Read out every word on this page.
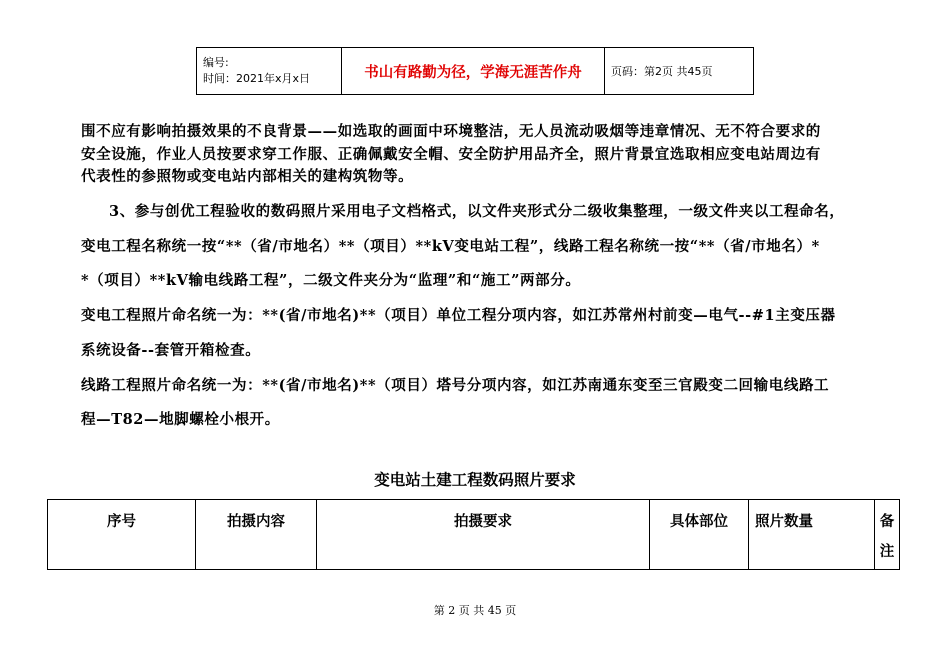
编号:
时间：2021年x月x日	书山有路勤为径，学海无涯苦作舟	页码：第2页 共45页
围不应有影响拍摄效果的不良背景——如选取的画面中环境整洁，无人员流动吸烟等违章情况、无不符合要求的
安全设施，作业人员按要求穿工作服、正确佩戴安全帽、安全防护用品齐全，照片背景宜选取相应变电站周边有
代表性的参照物或变电站内部相关的建构筑物等。
3、参与创优工程验收的数码照片采用电子文档格式，以文件夹形式分二级收集整理，一级文件夹以工程命名，
变电工程名称统一按“**（省/市地名）**（项目）**kV变电站工程”，线路工程名称统一按“**（省/市地名）*
*（项目）**kV输电线路工程”，二级文件夹分为“监理”和“施工”两部分。
变电工程照片命名统一为：**(省/市地名)**（项目）单位工程分项内容，如江苏常州村前变—电气--#1主变压器
系统设备--套管开箱检查。
线路工程照片命名统一为：**(省/市地名)**（项目）塔号分项内容，如江苏南通东变至三官殿变二回输电线路工
程—T82—地脚螺栓小根开。
变电站土建工程数码照片要求
序号	拍摄内容	拍摄要求	具体部位	照片数量	备
注
第 2 页 共 45 页
